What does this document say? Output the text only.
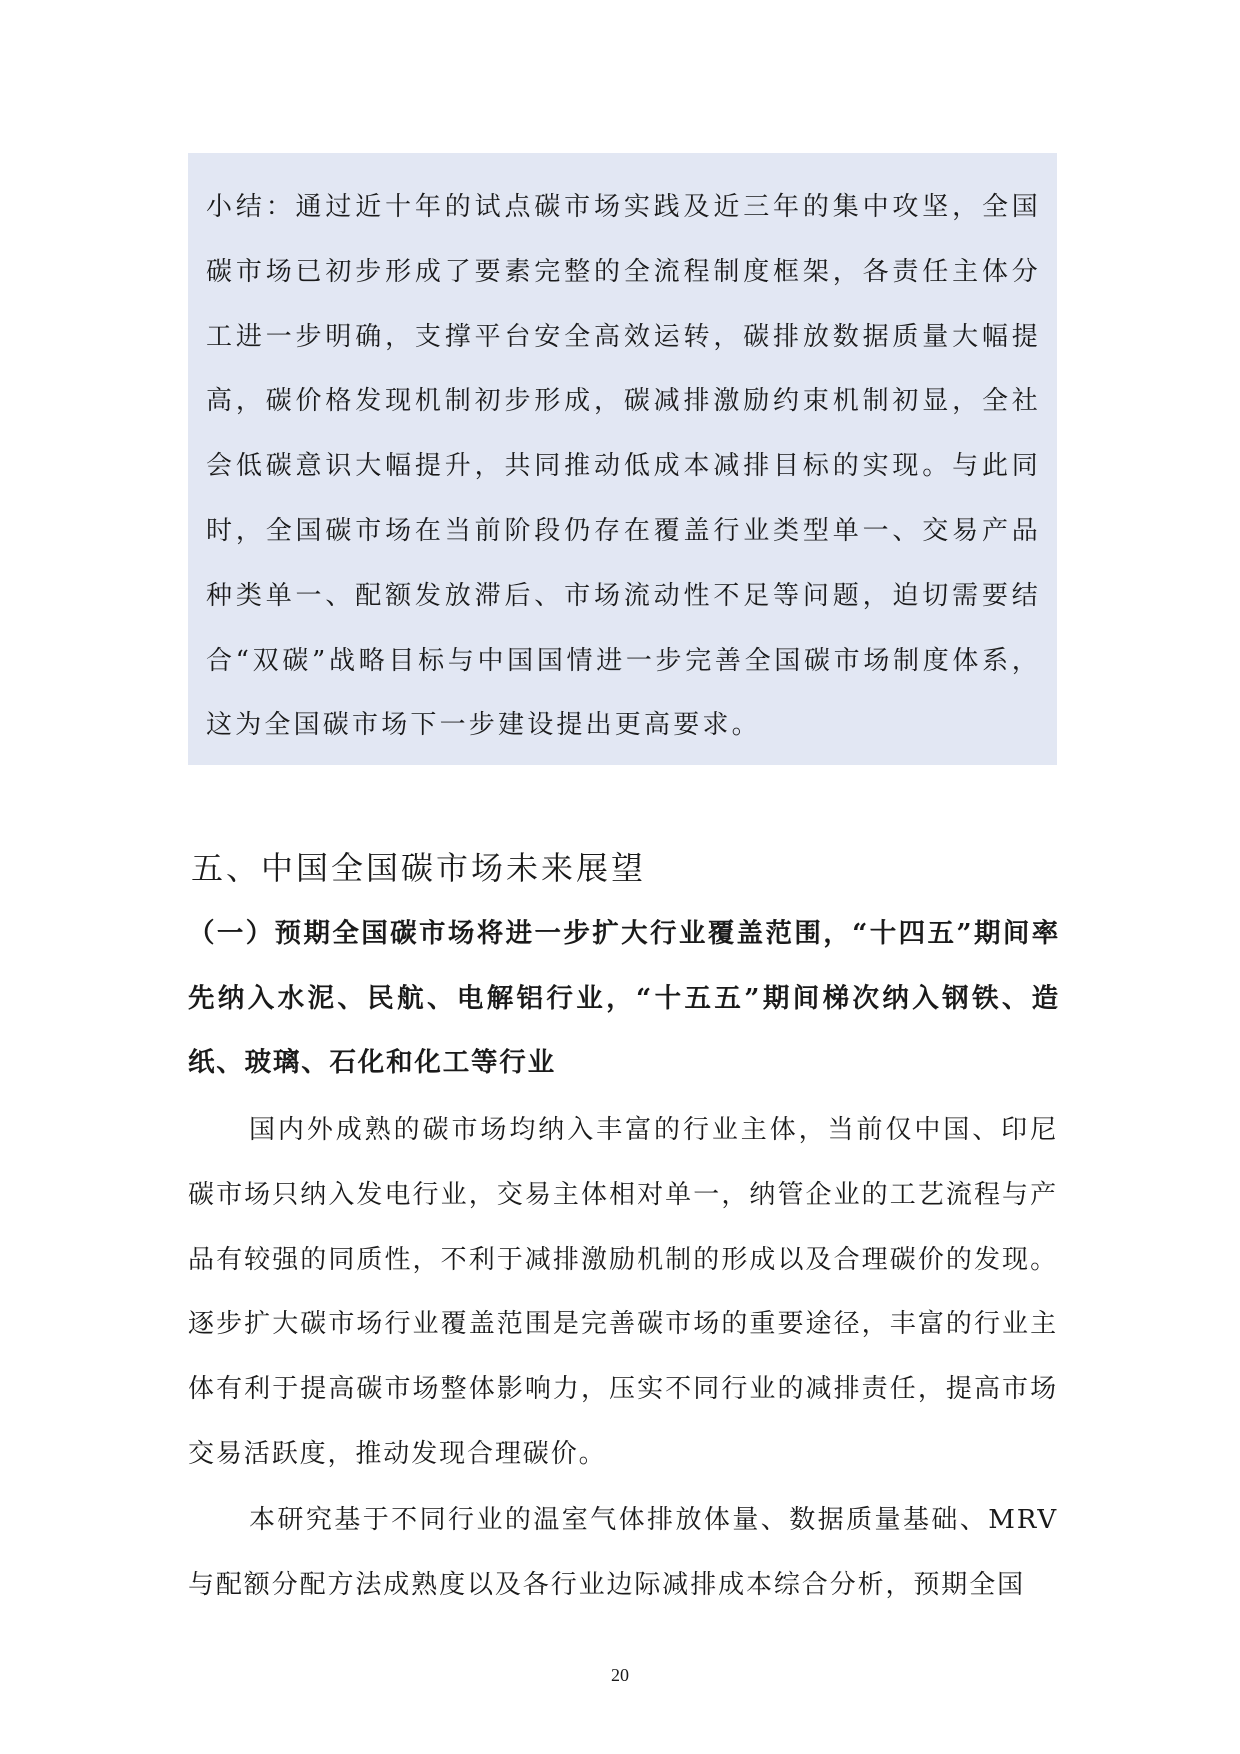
小结：通过近十年的试点碳市场实践及近三年的集中攻坚，全国碳市场已初步形成了要素完整的全流程制度框架，各责任主体分工进一步明确，支撑平台安全高效运转，碳排放数据质量大幅提高，碳价格发现机制初步形成，碳减排激励约束机制初显，全社会低碳意识大幅提升，共同推动低成本减排目标的实现。与此同时，全国碳市场在当前阶段仍存在覆盖行业类型单一、交易产品种类单一、配额发放滞后、市场流动性不足等问题，迫切需要结合“双碳”战略目标与中国国情进一步完善全国碳市场制度体系，这为全国碳市场下一步建设提出更高要求。

五、中国全国碳市场未来展望
（一）预期全国碳市场将进一步扩大行业覆盖范围，“十四五”期间率先纳入水泥、民航、电解铝行业，“十五五”期间梯次纳入钢铁、造纸、玻璃、石化和化工等行业

国内外成熟的碳市场均纳入丰富的行业主体，当前仅中国、印尼碳市场只纳入发电行业，交易主体相对单一，纳管企业的工艺流程与产品有较强的同质性，不利于减排激励机制的形成以及合理碳价的发现。逐步扩大碳市场行业覆盖范围是完善碳市场的重要途径，丰富的行业主体有利于提高碳市场整体影响力，压实不同行业的减排责任，提高市场交易活跃度，推动发现合理碳价。

本研究基于不同行业的温室气体排放体量、数据质量基础、MRV与配额分配方法成熟度以及各行业边际减排成本综合分析，预期全国

20
